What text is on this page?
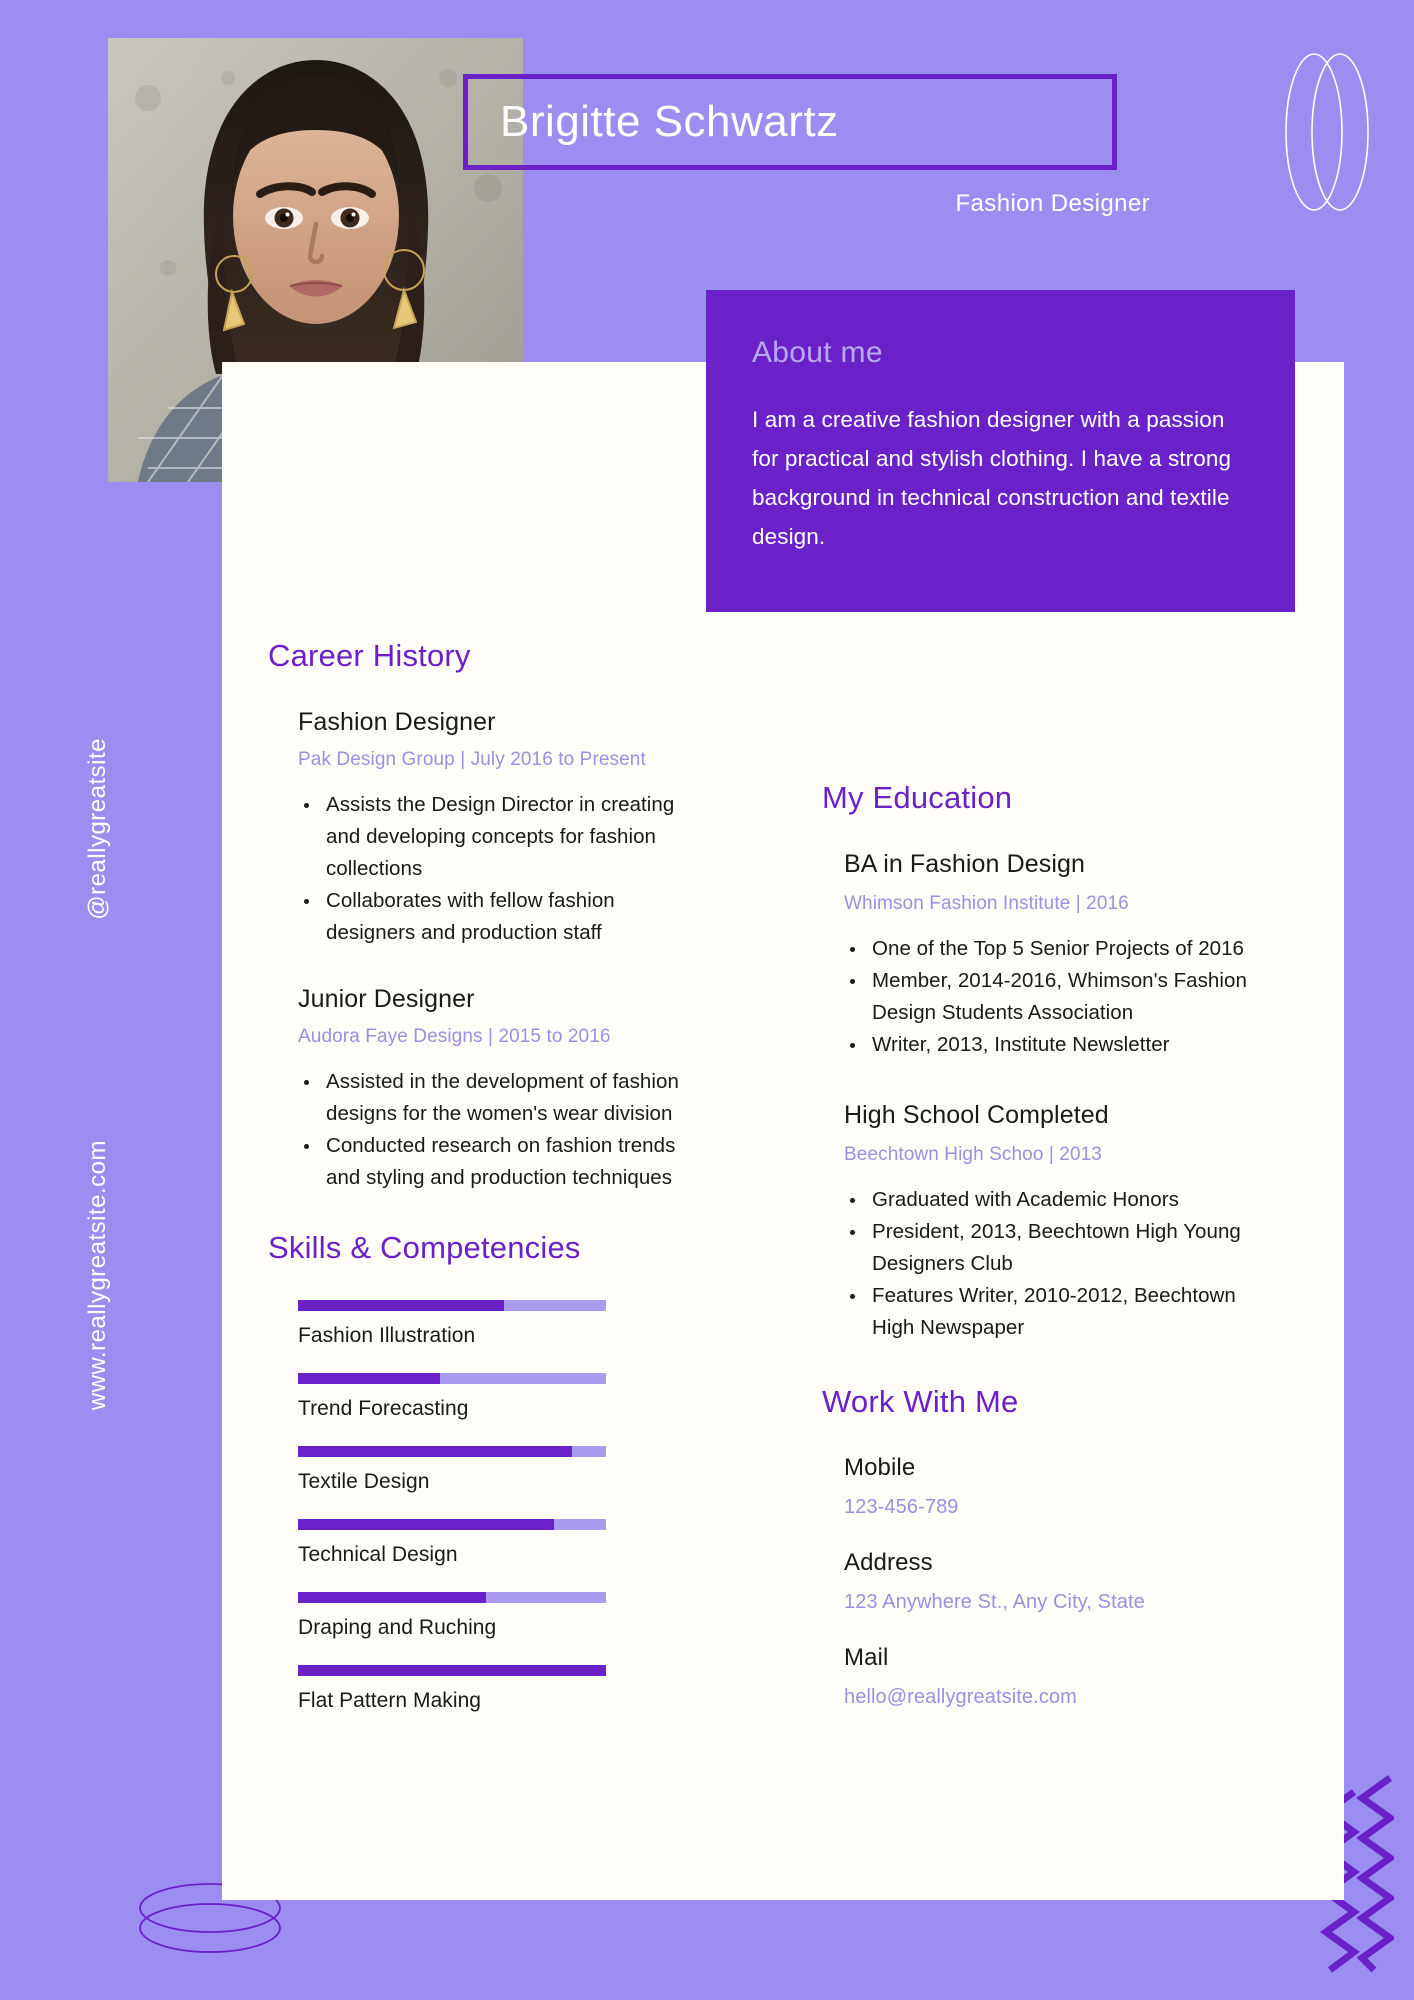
Brigitte Schwartz
Fashion Designer
About me

I am a creative fashion designer with a passion for practical and stylish clothing. I have a strong background in technical construction and textile design.

Career History
Fashion Designer
Pak Design Group | July 2016 to Present
Assists the Design Director in creating and developing concepts for fashion collections
Collaborates with fellow fashion designers and production staff
Junior Designer
Audora Faye Designs | 2015 to 2016
Assisted in the development of fashion designs for the women's wear division
Conducted research on fashion trends and styling and production techniques
Skills & Competencies
Fashion Illustration
Trend Forecasting
Textile Design
Technical Design
Draping and Ruching
Flat Pattern Making
My Education
BA in Fashion Design
Whimson Fashion Institute | 2016
One of the Top 5 Senior Projects of 2016
Member, 2014-2016, Whimson's Fashion Design Students Association
Writer, 2013, Institute Newsletter
High School Completed
Beechtown High Schoo | 2013
Graduated with Academic Honors
President, 2013, Beechtown High Young Designers Club
Features Writer, 2010-2012, Beechtown High Newspaper
Work With Me
Mobile
123-456-789
Address
123 Anywhere St., Any City, State
Mail
hello@reallygreatsite.com
@reallygreatsite
www.reallygreatsite.com
